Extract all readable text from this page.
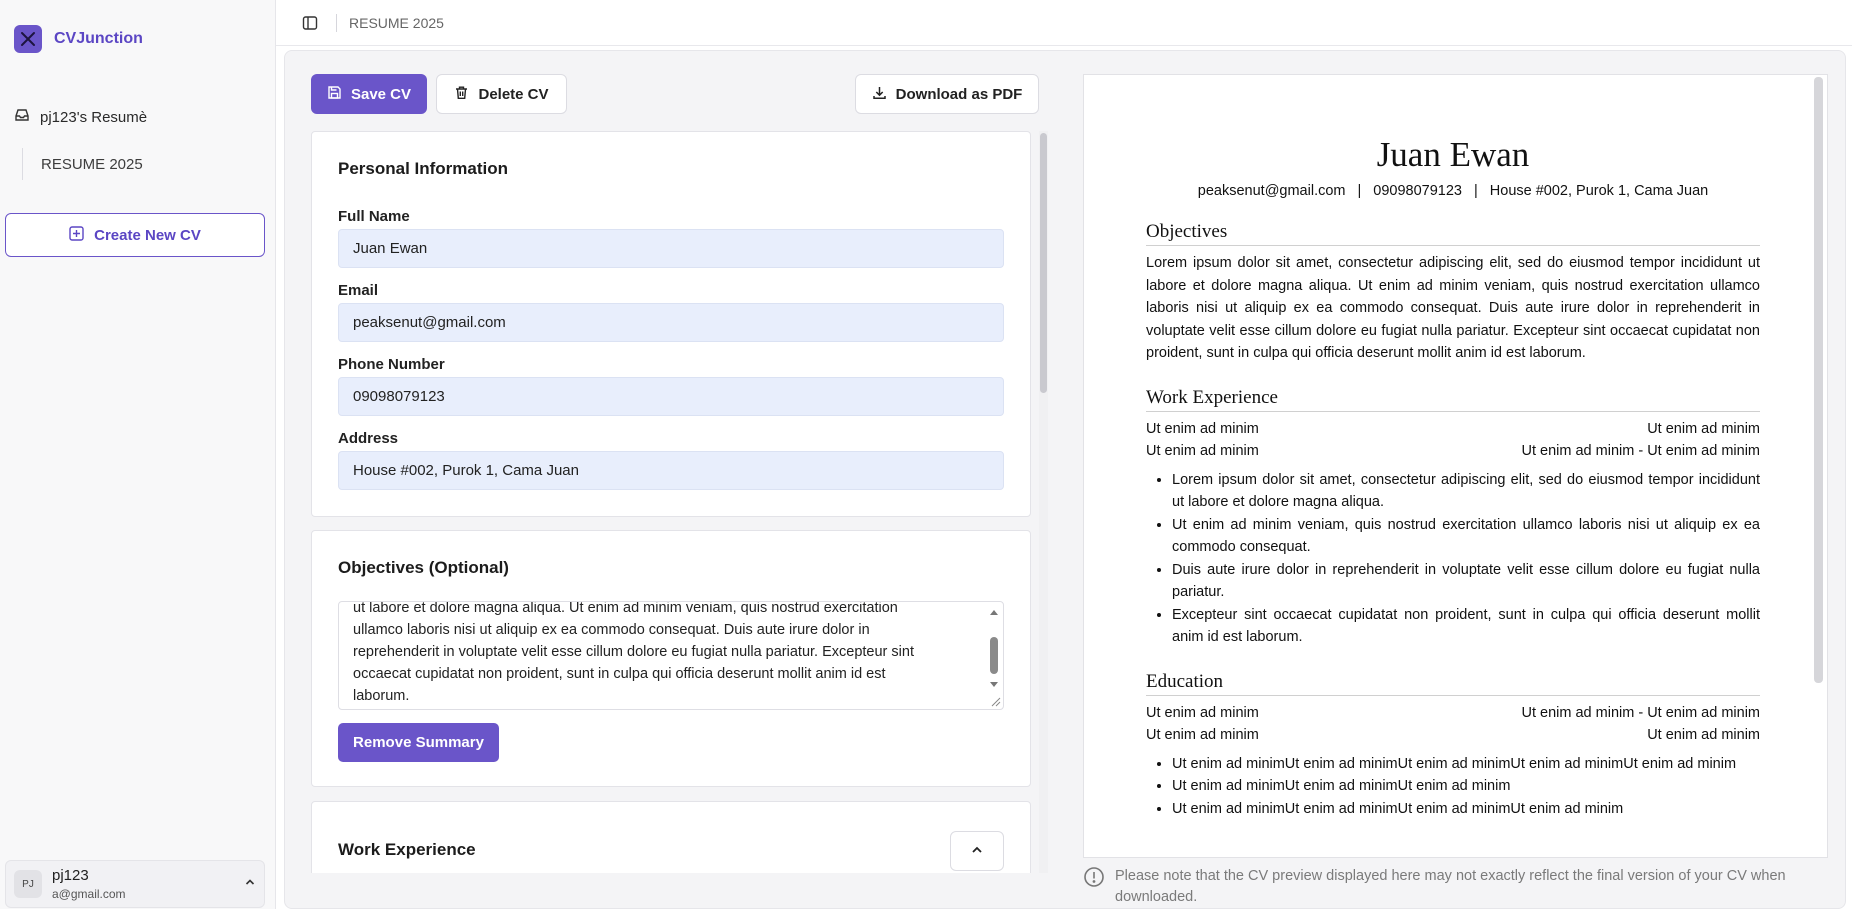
CVJunction
pj123's Resumè
RESUME 2025
Create New CV
PJ	pj123
a@gmail.com
RESUME 2025
Save CV	Delete CV	Download as PDF
Personal Information
Full Name
Juan Ewan
Email
peaksenut@gmail.com
Phone Number
09098079123
Address
House #002, Purok 1, Cama Juan
Objectives (Optional)
ut labore et dolore magna aliqua. Ut enim ad minim veniam, quis nostrud exercitation
ullamco laboris nisi ut aliquip ex ea commodo consequat. Duis aute irure dolor in
reprehenderit in voluptate velit esse cillum dolore eu fugiat nulla pariatur. Excepteur sint
occaecat cupidatat non proident, sunt in culpa qui officia deserunt mollit anim id est
laborum.
Remove Summary
Work Experience
Juan Ewan
peaksenut@gmail.com | 09098079123 | House #002, Purok 1, Cama Juan
Objectives

Lorem ipsum dolor sit amet, consectetur adipiscing elit, sed do eiusmod tempor incididunt ut labore et dolore magna aliqua. Ut enim ad minim veniam, quis nostrud exercitation ullamco laboris nisi ut aliquip ex ea commodo consequat. Duis aute irure dolor in reprehenderit in voluptate velit esse cillum dolore eu fugiat nulla pariatur. Excepteur sint occaecat cupidatat non proident, sunt in culpa qui officia deserunt mollit anim id est laborum.

Work Experience
Ut enim ad minim	Ut enim ad minim
Ut enim ad minim	Ut enim ad minim - Ut enim ad minim
• Lorem ipsum dolor sit amet, consectetur adipiscing elit, sed do eiusmod tempor incididunt ut labore et dolore magna aliqua.
• Ut enim ad minim veniam, quis nostrud exercitation ullamco laboris nisi ut aliquip ex ea commodo consequat.
• Duis aute irure dolor in reprehenderit in voluptate velit esse cillum dolore eu fugiat nulla pariatur.
• Excepteur sint occaecat cupidatat non proident, sunt in culpa qui officia deserunt mollit anim id est laborum.
Education
Ut enim ad minim	Ut enim ad minim - Ut enim ad minim
Ut enim ad minim	Ut enim ad minim
• Ut enim ad minimUt enim ad minimUt enim ad minimUt enim ad minimUt enim ad minim
• Ut enim ad minimUt enim ad minimUt enim ad minim
• Ut enim ad minimUt enim ad minimUt enim ad minimUt enim ad minim
Please note that the CV preview displayed here may not exactly reflect the final version of your CV when downloaded.
